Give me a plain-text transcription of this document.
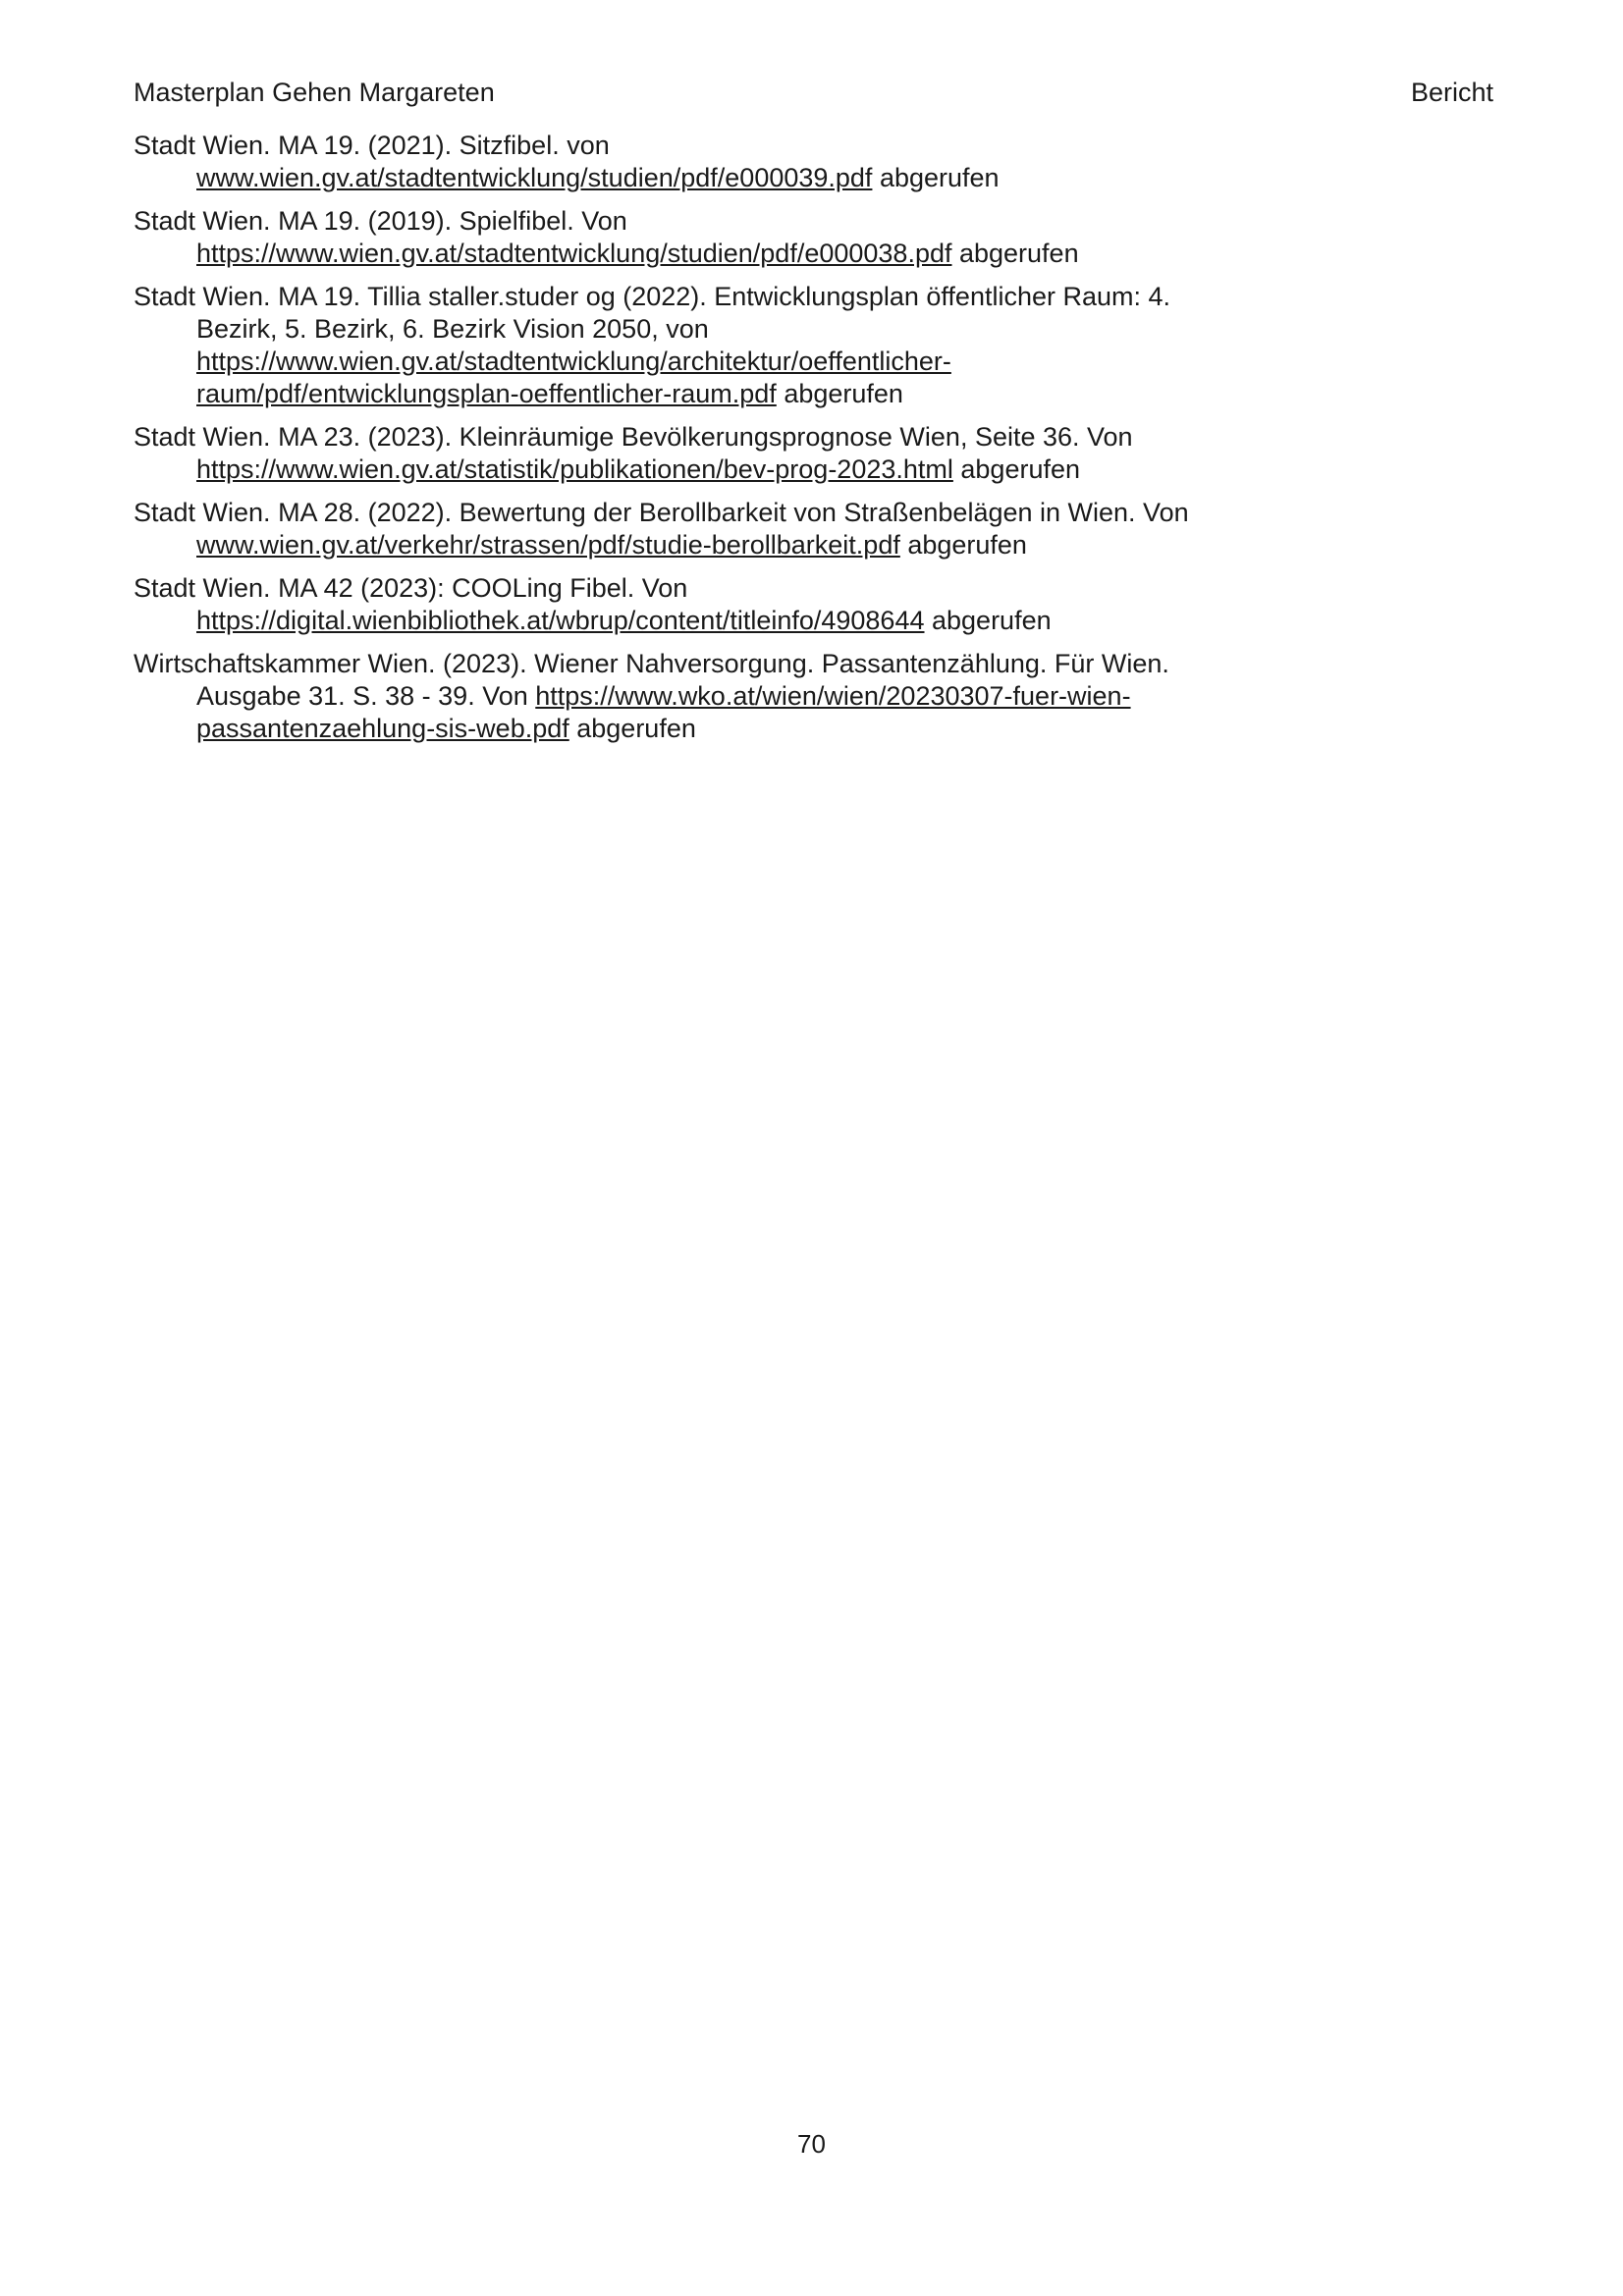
Masterplan Gehen Margareten	Bericht

Stadt Wien. MA 19. (2021). Sitzfibel. von
www.wien.gv.at/stadtentwicklung/studien/pdf/e000039.pdf abgerufen

Stadt Wien. MA 19. (2019). Spielfibel. Von
https://www.wien.gv.at/stadtentwicklung/studien/pdf/e000038.pdf abgerufen

Stadt Wien. MA 19. Tillia staller.studer og (2022). Entwicklungsplan öffentlicher Raum: 4.
Bezirk, 5. Bezirk, 6. Bezirk Vision 2050, von
https://www.wien.gv.at/stadtentwicklung/architektur/oeffentlicher-
raum/pdf/entwicklungsplan-oeffentlicher-raum.pdf abgerufen

Stadt Wien. MA 23. (2023). Kleinräumige Bevölkerungsprognose Wien, Seite 36. Von
https://www.wien.gv.at/statistik/publikationen/bev-prog-2023.html abgerufen

Stadt Wien. MA 28. (2022). Bewertung der Berollbarkeit von Straßenbelägen in Wien. Von
www.wien.gv.at/verkehr/strassen/pdf/studie-berollbarkeit.pdf abgerufen

Stadt Wien. MA 42 (2023): COOLing Fibel. Von
https://digital.wienbibliothek.at/wbrup/content/titleinfo/4908644 abgerufen

Wirtschaftskammer Wien. (2023). Wiener Nahversorgung. Passantenzählung. Für Wien.
Ausgabe 31. S. 38 - 39. Von https://www.wko.at/wien/wien/20230307-fuer-wien-
passantenzaehlung-sis-web.pdf abgerufen

70
